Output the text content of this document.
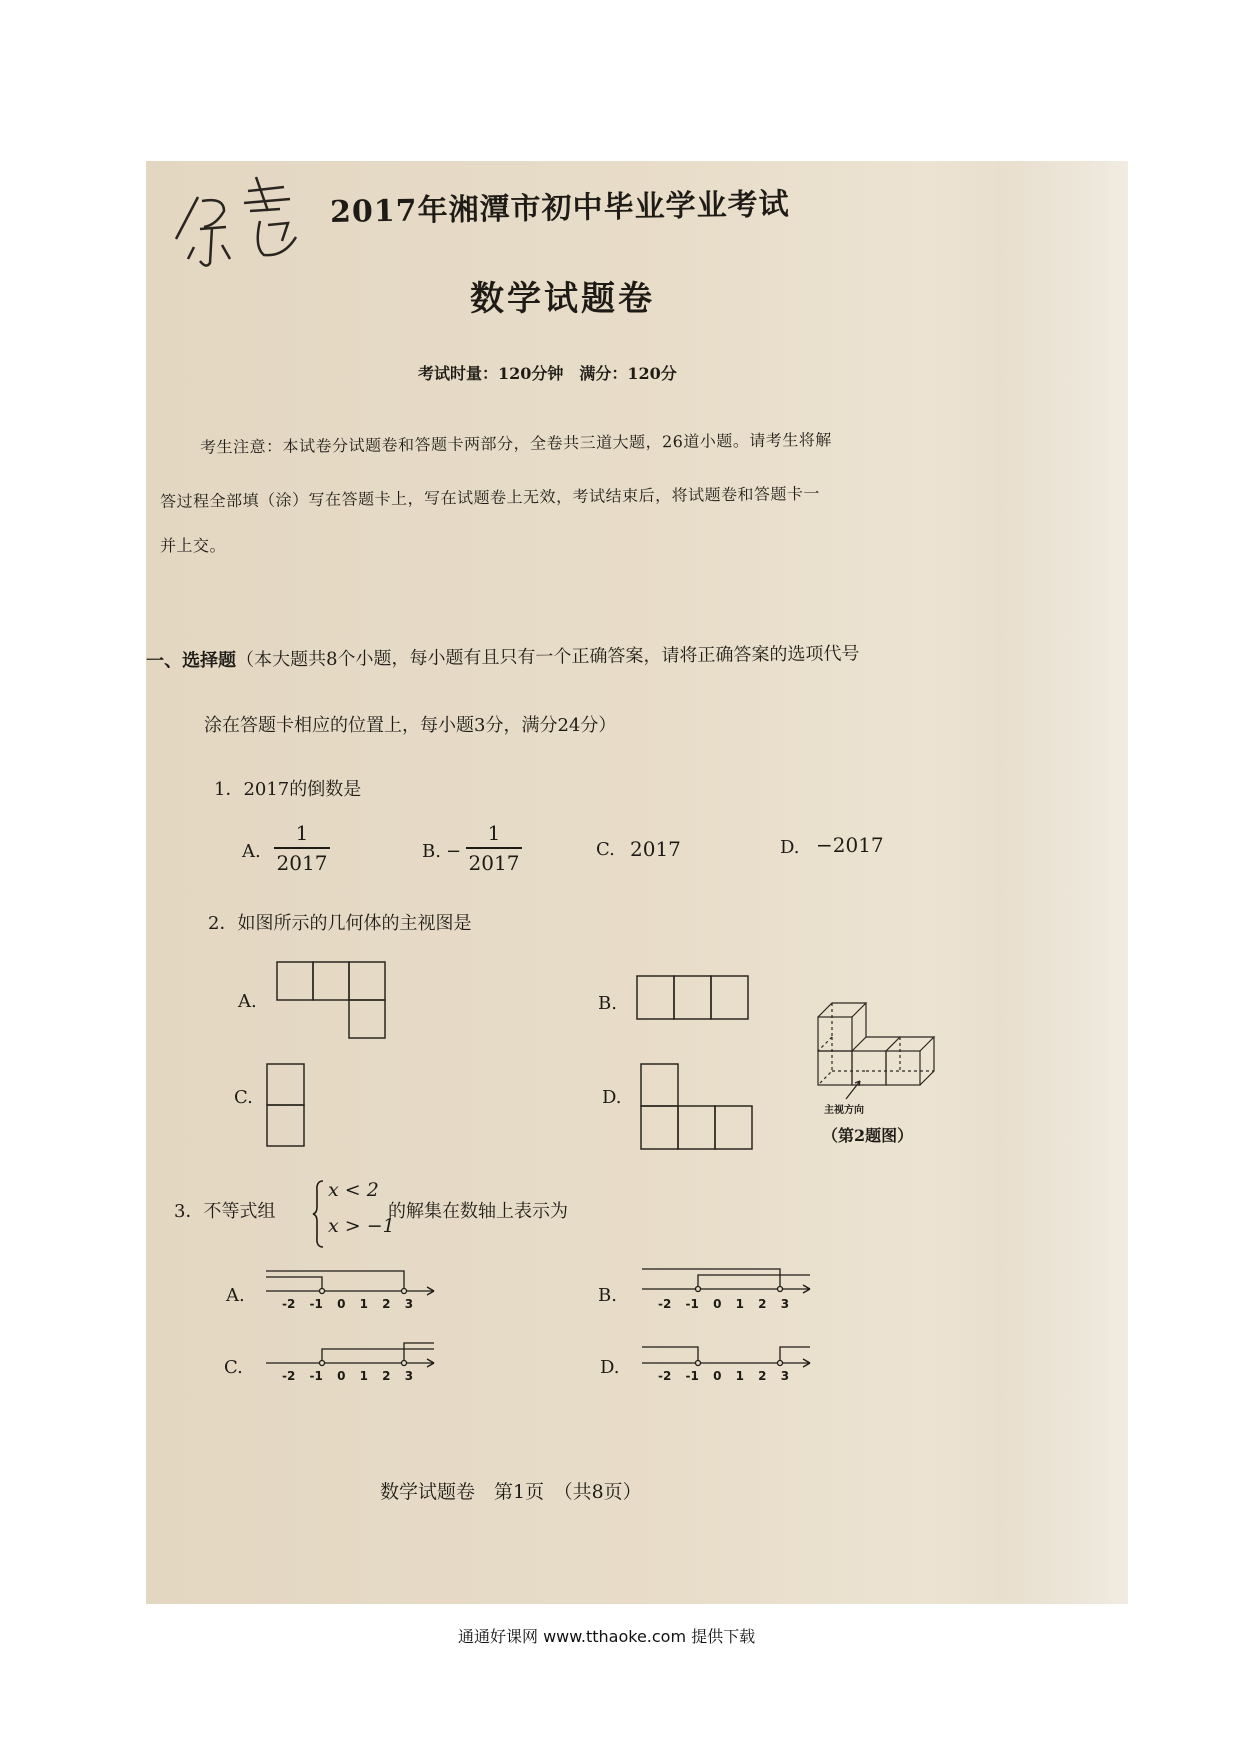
2017年湘潭市初中毕业学业考试
数学试题卷
考试时量：120分钟　满分：120分
考生注意：本试卷分试题卷和答题卡两部分，全卷共三道大题，26道小题。请考生将解
答过程全部填（涂）写在答题卡上，写在试题卷上无效，考试结束后，将试题卷和答题卡一
并上交。
一、选择题（本大题共8个小题，每小题有且只有一个正确答案，请将正确答案的选项代号
涂在答题卡相应的位置上，每小题3分，满分24分）
1．2017的倒数是
A.
1
2017	B. −
1
2017
C. 2017	D. −2017
2．如图所示的几何体的主视图是
A.	B.
C.	D.
主视方向
（第2题图）
3．不等式组
x < 2
x > −1
的解集在数轴上表示为
A.	B.
C.	D.
-2 -1 0 1 2 3	-2 -1 0 1 2 3
-2 -1 0 1 2 3	-2 -1 0 1 2 3
数学试题卷　第1页　（共8页）
通通好课网 www.tthaoke.com 提供下载
